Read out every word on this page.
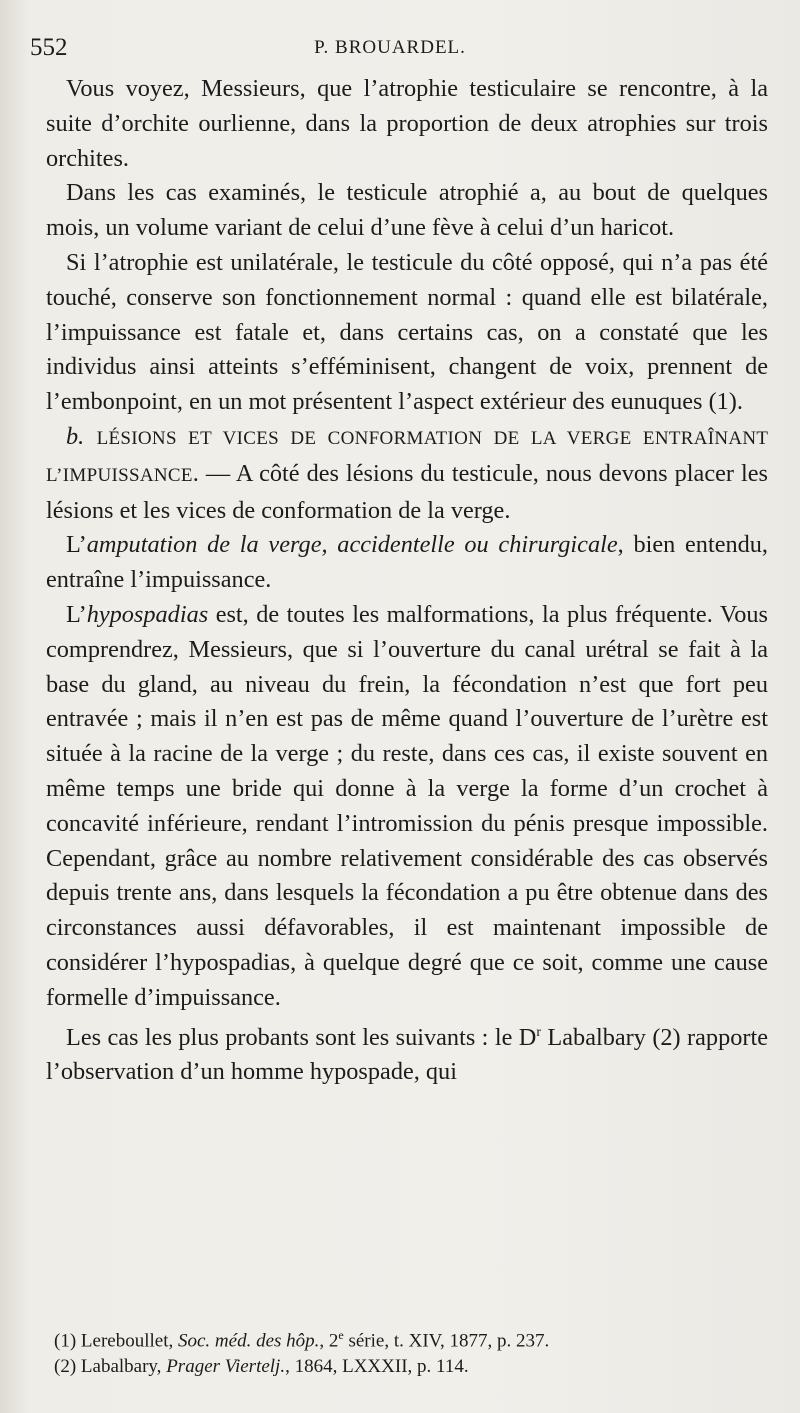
552	P. BROUARDEL.

Vous voyez, Messieurs, que l’atrophie testiculaire se rencontre, à la suite d’orchite ourlienne, dans la proportion de deux atrophies sur trois orchites.

Dans les cas examinés, le testicule atrophié a, au bout de quelques mois, un volume variant de celui d’une fève à celui d’un haricot.

Si l’atrophie est unilatérale, le testicule du côté opposé, qui n’a pas été touché, conserve son fonctionnement normal : quand elle est bilatérale, l’impuissance est fatale et, dans certains cas, on a constaté que les individus ainsi atteints s’efféminisent, changent de voix, prennent de l’embonpoint, en un mot présentent l’aspect extérieur des eunuques (1).

b. LÉSIONS ET VICES DE CONFORMATION DE LA VERGE ENTRAÎNANT L’IMPUISSANCE. — A côté des lésions du testicule, nous devons placer les lésions et les vices de conformation de la verge.

L’amputation de la verge, accidentelle ou chirurgicale, bien entendu, entraîne l’impuissance.

L’hypospadias est, de toutes les malformations, la plus fréquente. Vous comprendrez, Messieurs, que si l’ouverture du canal urétral se fait à la base du gland, au niveau du frein, la fécondation n’est que fort peu entravée ; mais il n’en est pas de même quand l’ouverture de l’urètre est située à la racine de la verge ; du reste, dans ces cas, il existe souvent en même temps une bride qui donne à la verge la forme d’un crochet à concavité inférieure, rendant l’intromission du pénis presque impossible. Cependant, grâce au nombre relativement considérable des cas observés depuis trente ans, dans lesquels la fécondation a pu être obtenue dans des circonstances aussi défavorables, il est maintenant impossible de considérer l’hypospadias, à quelque degré que ce soit, comme une cause formelle d’impuissance.

Les cas les plus probants sont les suivants : le $D^r$ Labalbary (2) rapporte l’observation d’un homme hypospade, qui

(1) Lereboullet, Soc. méd. des hôp., 2e série, t. XIV, 1877, p. 237.
(2) Labalbary, Prager Viertelj., 1864, LXXXII, p. 114.
